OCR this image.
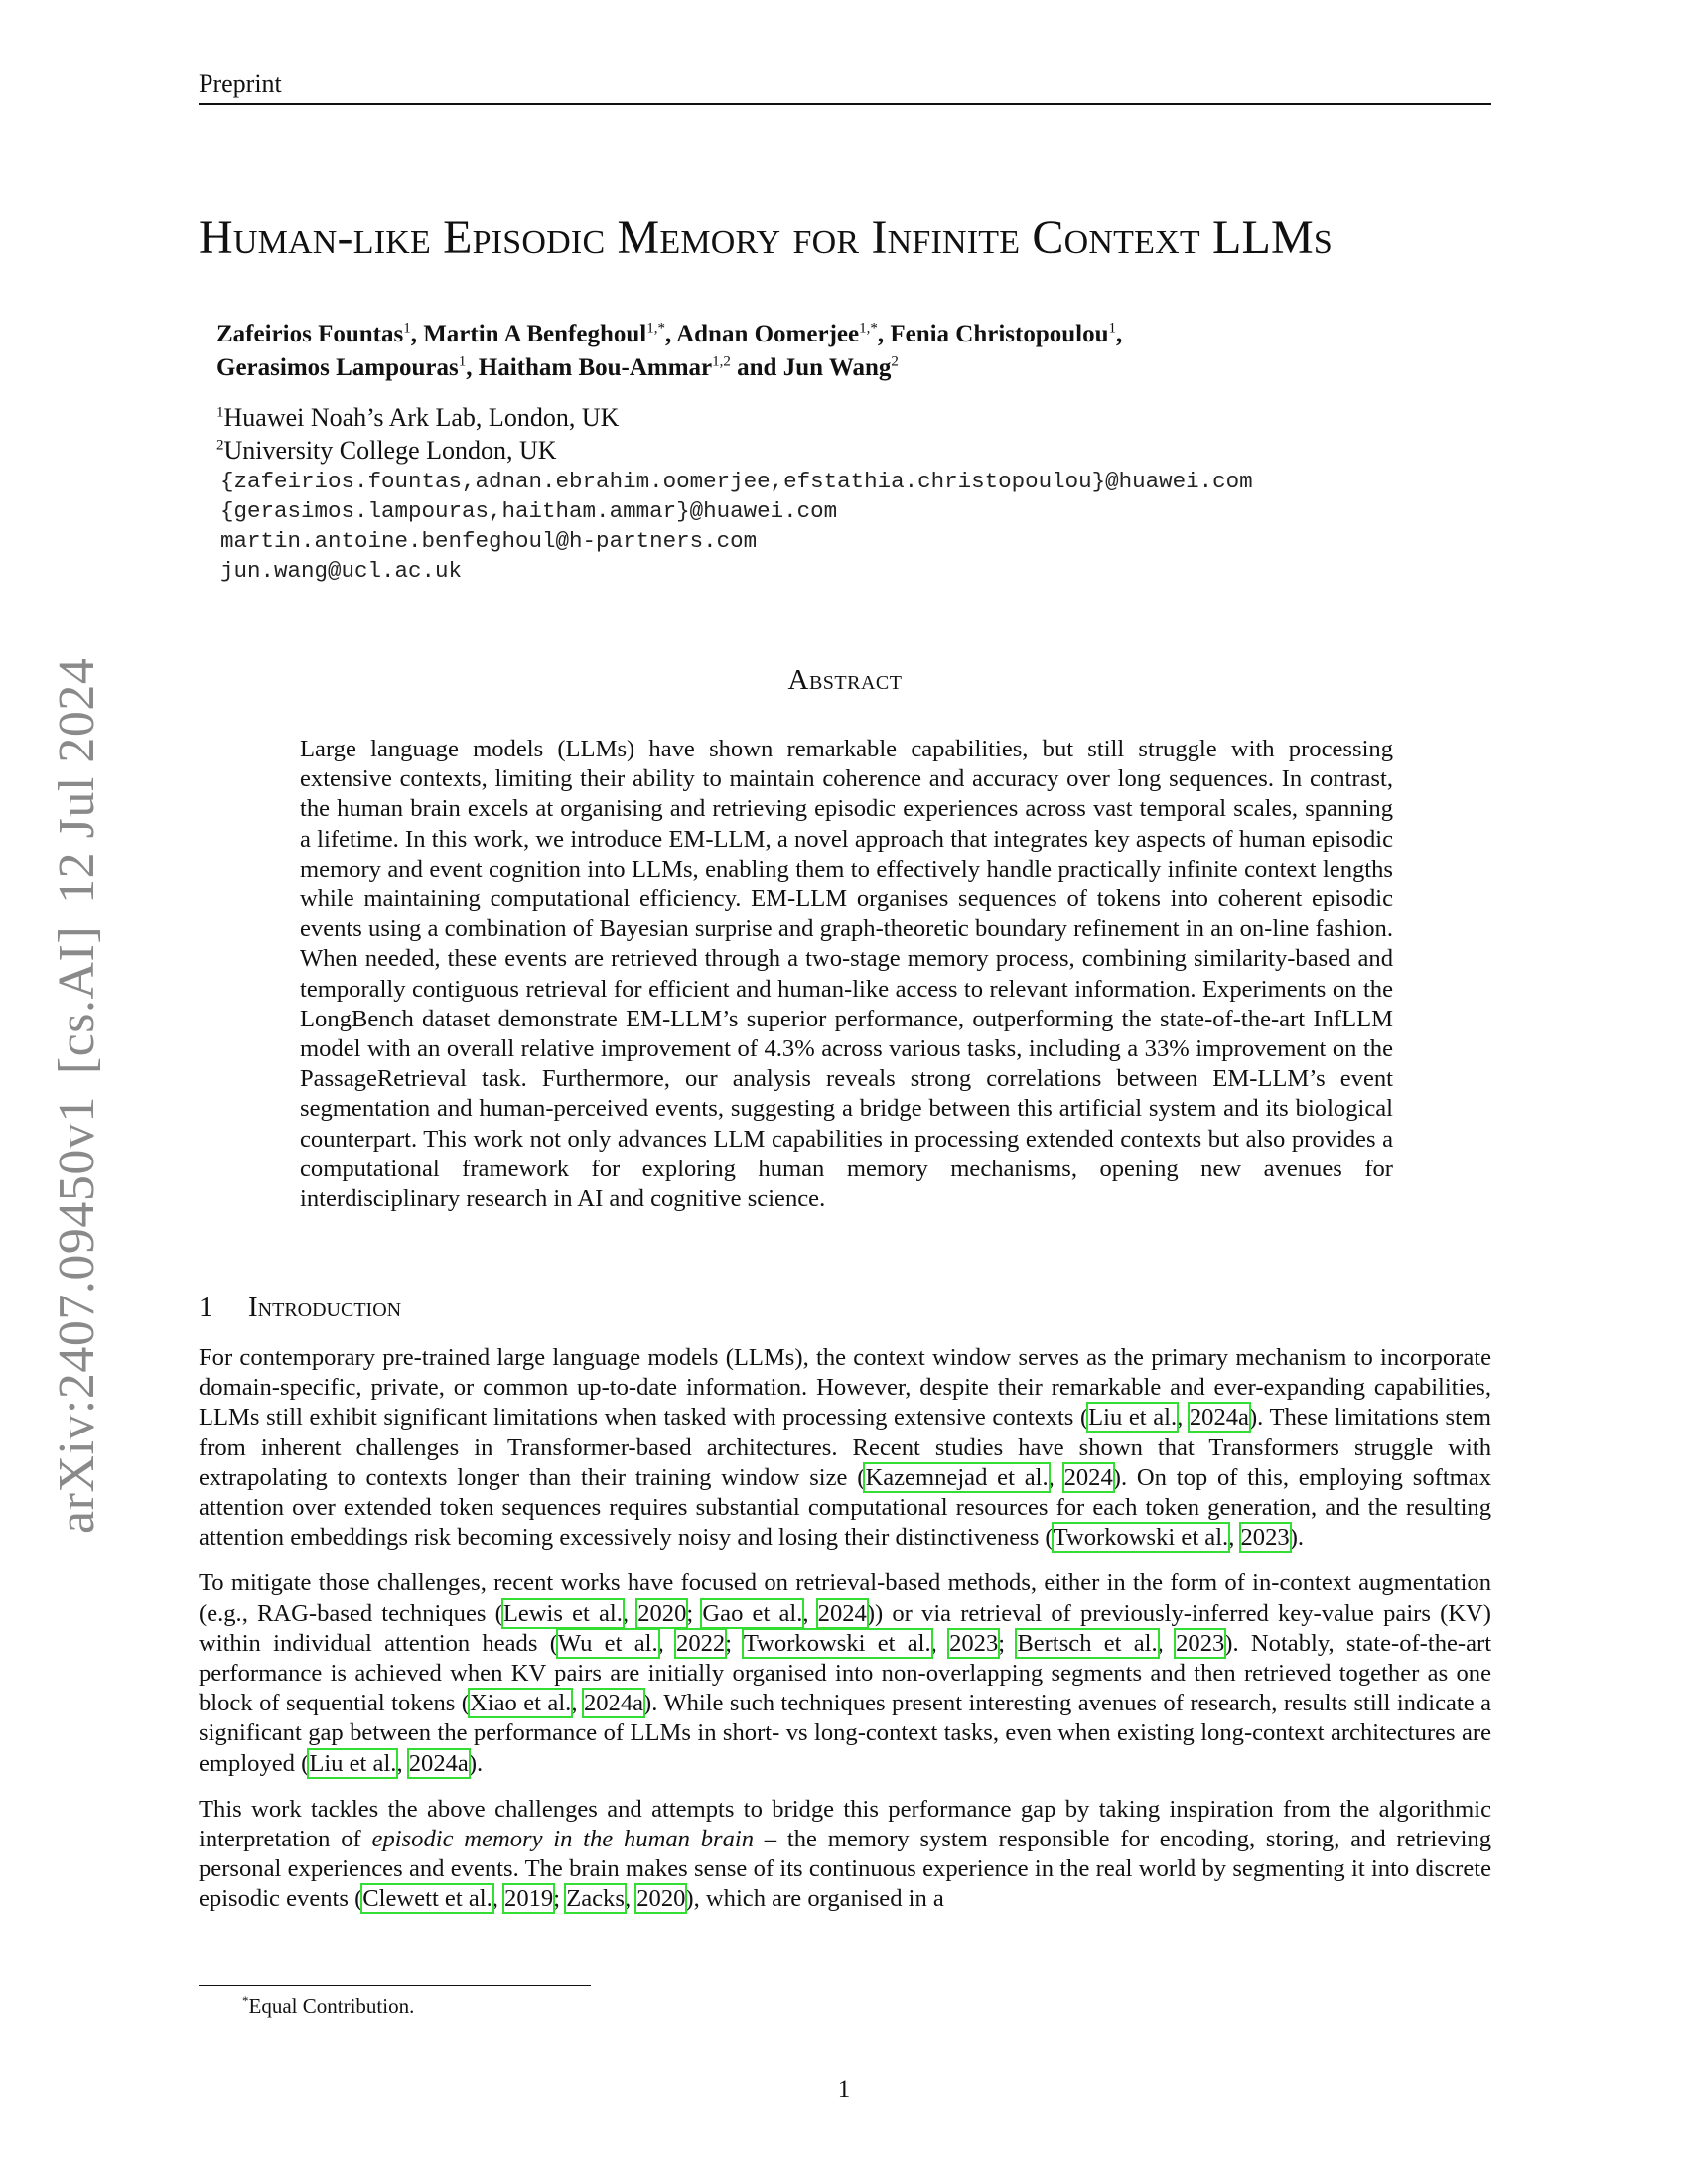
Preprint
arXiv:2407.09450v1[cs.AI]12 Jul 2024
Human-like Episodic Memory for Infinite Context LLMs
Zafeirios Fountas$^1$, Martin A Benfeghoul$^{1,*}$, Adnan Oomerjee$^{1,*}$, Fenia Christopoulou$^1$,
Gerasimos Lampouras$^1$, Haitham Bou-Ammar$^{1,2}$ and Jun Wang$^2$
$^1$Huawei Noah’s Ark Lab, London, UK
$^2$University College London, UK
{zafeirios.fountas,adnan.ebrahim.oomerjee,efstathia.christopoulou}@huawei.com
{gerasimos.lampouras,haitham.ammar}@huawei.com
martin.antoine.benfeghoul@h-partners.com
jun.wang@ucl.ac.uk
Abstract
Large language models (LLMs) have shown remarkable capabilities, but still struggle with processing extensive contexts, limiting their ability to maintain coherence and accuracy over long sequences. In contrast, the human brain excels at organising and retrieving episodic experiences across vast temporal scales, spanning a lifetime. In this work, we introduce EM-LLM, a novel approach that integrates key aspects of human episodic memory and event cognition into LLMs, enabling them to effectively handle practically infinite context lengths while maintaining computational efficiency. EM-LLM organises sequences of tokens into coherent episodic events using a combination of Bayesian surprise and graph-theoretic boundary refinement in an on-line fashion. When needed, these events are retrieved through a two-stage memory process, combining similarity-based and temporally contiguous retrieval for efficient and human-like access to relevant information. Experiments on the LongBench dataset demonstrate EM-LLM’s superior performance, outperforming the state-of-the-art InfLLM model with an overall relative improvement of 4.3% across various tasks, including a 33% improvement on the PassageRetrieval task. Furthermore, our analysis reveals strong correlations between EM-LLM’s event segmentation and human-perceived events, suggesting a bridge between this artificial system and its biological counterpart. This work not only advances LLM capabilities in processing extended contexts but also provides a computational framework for exploring human memory mechanisms, opening new avenues for interdisciplinary research in AI and cognitive science.
1 Introduction

For contemporary pre-trained large language models (LLMs), the context window serves as the primary mechanism to incorporate domain-specific, private, or common up-to-date information. However, despite their remarkable and ever-expanding capabilities, LLMs still exhibit significant limitations when tasked with processing extensive contexts (Liu et al., 2024a). These limitations stem from inherent challenges in Transformer-based architectures. Recent studies have shown that Transformers struggle with extrapolating to contexts longer than their training window size (Kazemnejad et al., 2024). On top of this, employing softmax attention over extended token sequences requires substantial computational resources for each token generation, and the resulting attention embeddings risk becoming excessively noisy and losing their distinctiveness (Tworkowski et al., 2023).

To mitigate those challenges, recent works have focused on retrieval-based methods, either in the form of in-context augmentation (e.g., RAG-based techniques (Lewis et al., 2020; Gao et al., 2024)) or via retrieval of previously-inferred key-value pairs (KV) within individual attention heads (Wu et al., 2022; Tworkowski et al., 2023; Bertsch et al., 2023). Notably, state-of-the-art performance is achieved when KV pairs are initially organised into non-overlapping segments and then retrieved together as one block of sequential tokens (Xiao et al., 2024a). While such techniques present interesting avenues of research, results still indicate a significant gap between the performance of LLMs in short- vs long-context tasks, even when existing long-context architectures are employed (Liu et al., 2024a).

This work tackles the above challenges and attempts to bridge this performance gap by taking inspiration from the algorithmic interpretation of episodic memory in the human brain – the memory system responsible for encoding, storing, and retrieving personal experiences and events. The brain makes sense of its continuous experience in the real world by segmenting it into discrete episodic events (Clewett et al., 2019; Zacks, 2020), which are organised in a

*Equal Contribution.
1
